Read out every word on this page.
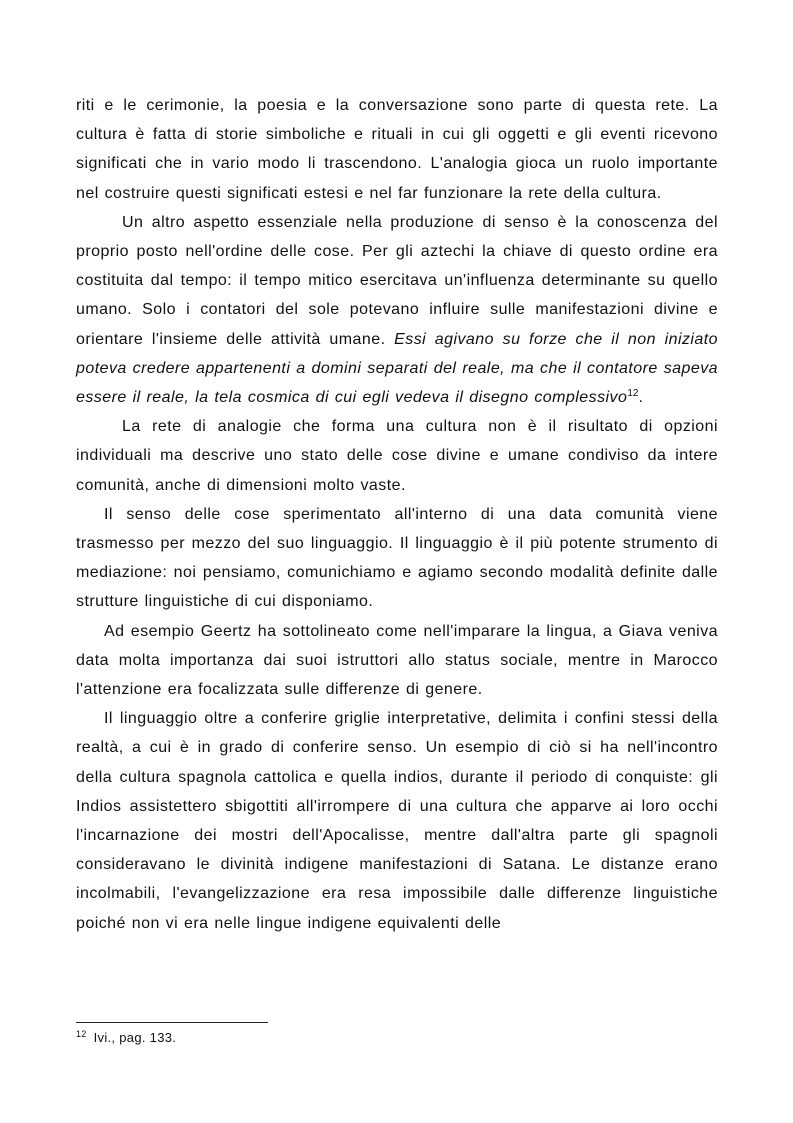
riti e le cerimonie, la poesia e la conversazione sono parte di questa rete. La cultura è fatta di storie simboliche e rituali in cui gli oggetti e gli eventi ricevono significati che in vario modo li trascendono. L'analogia gioca un ruolo importante nel costruire questi significati estesi e nel far funzionare la rete della cultura.

Un altro aspetto essenziale nella produzione di senso è la conoscenza del proprio posto nell'ordine delle cose. Per gli aztechi la chiave di questo ordine era costituita dal tempo: il tempo mitico esercitava un'influenza determinante su quello umano. Solo i contatori del sole potevano influire sulle manifestazioni divine e orientare l'insieme delle attività umane. Essi agivano su forze che il non iniziato poteva credere appartenenti a domini separati del reale, ma che il contatore sapeva essere il reale, la tela cosmica di cui egli vedeva il disegno complessivo$^{12}$.

La rete di analogie che forma una cultura non è il risultato di opzioni individuali ma descrive uno stato delle cose divine e umane condiviso da intere comunità, anche di dimensioni molto vaste.

Il senso delle cose sperimentato all'interno di una data comunità viene trasmesso per mezzo del suo linguaggio. Il linguaggio è il più potente strumento di mediazione: noi pensiamo, comunichiamo e agiamo secondo modalità definite dalle strutture linguistiche di cui disponiamo.

Ad esempio Geertz ha sottolineato come nell'imparare la lingua, a Giava veniva data molta importanza dai suoi istruttori allo status sociale, mentre in Marocco l'attenzione era focalizzata sulle differenze di genere.

Il linguaggio oltre a conferire griglie interpretative, delimita i confini stessi della realtà, a cui è in grado di conferire senso. Un esempio di ciò si ha nell'incontro della cultura spagnola cattolica e quella indios, durante il periodo di conquiste: gli Indios assistettero sbigottiti all'irrompere di una cultura che apparve ai loro occhi l'incarnazione dei mostri dell'Apocalisse, mentre dall'altra parte gli spagnoli consideravano le divinità indigene manifestazioni di Satana. Le distanze erano incolmabili, l'evangelizzazione era resa impossibile dalle differenze linguistiche poiché non vi era nelle lingue indigene equivalenti delle

$^{12}$ Ivi., pag. 133.
